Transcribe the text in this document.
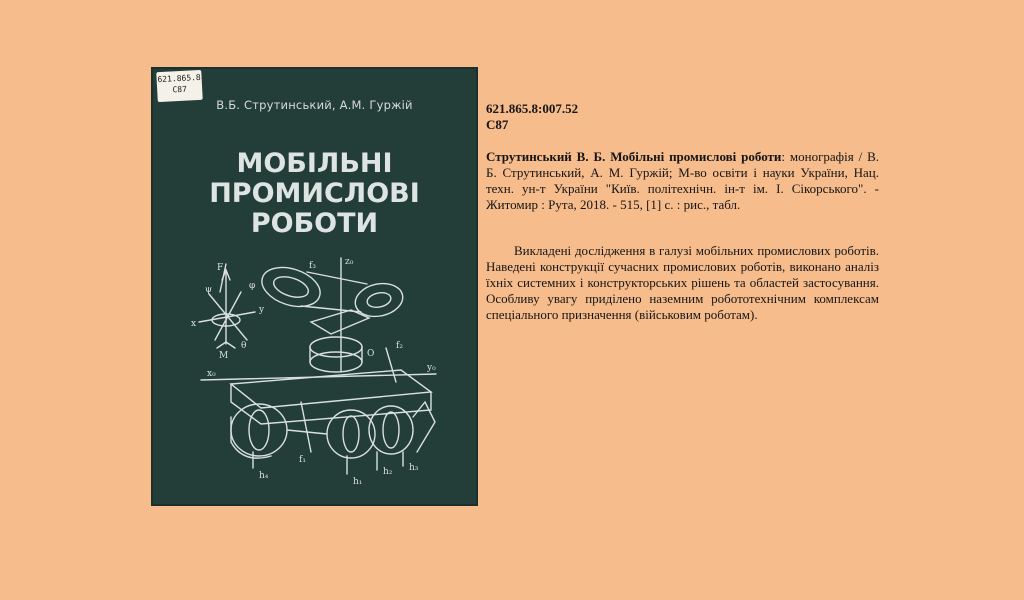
621.865.8
С87
В.Б. Струтинський, А.М. Гуржій
МОБІЛЬНІ
ПРОМИСЛОВІ
РОБОТИ
F
M
x
y
φ
ψ
θ
z₀
f₃
f₂
f₁
O
x₀
y₀
h₄
h₁
h₂ h₃
621.865.8:007.52
С87
Струтинський В. Б. Мобільні промислові роботи: монографія / В. Б. Струтинський, А. М. Гуржій; М-во освіти і науки України, Нац. техн. ун-т України "Київ. політехнічн. ін-т ім. І. Сікорського". - Житомир : Рута, 2018. - 515, [1] с. : рис., табл.
Викладені дослідження в галузі мобільних промислових роботів. Наведені конструкції сучасних промислових роботів, виконано аналіз їхніх системних і конструкторських рішень та областей застосування. Особливу увагу приділено наземним робототехнічним комплексам спеціального призначення (військовим роботам).
